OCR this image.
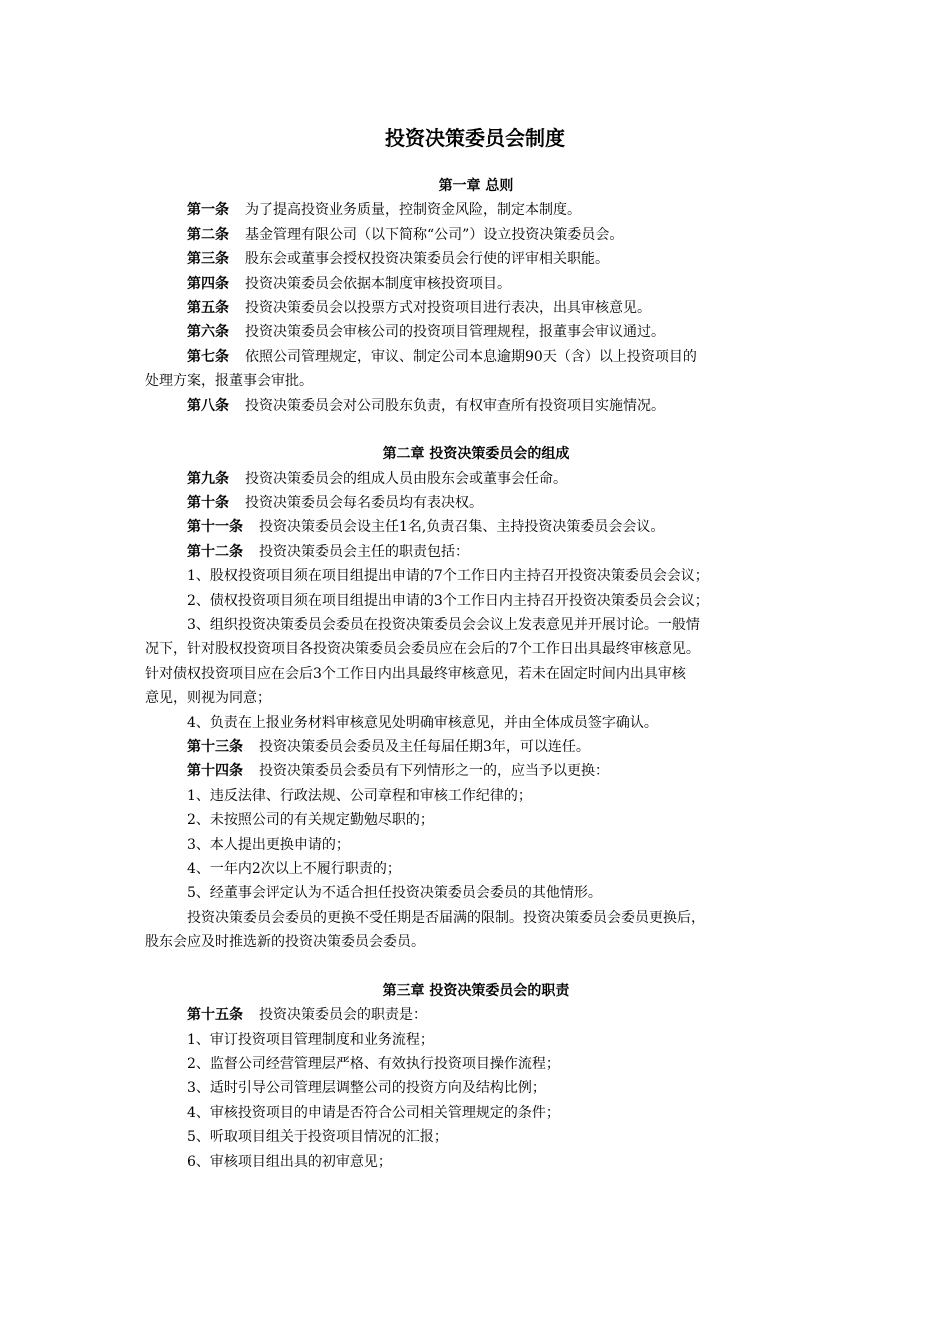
投资决策委员会制度
第一章 总则
第一条 为了提高投资业务质量，控制资金风险，制定本制度。
第二条 基金管理有限公司（以下简称“公司”）设立投资决策委员会。
第三条 股东会或董事会授权投资决策委员会行使的评审相关职能。
第四条 投资决策委员会依据本制度审核投资项目。
第五条 投资决策委员会以投票方式对投资项目进行表决，出具审核意见。
第六条 投资决策委员会审核公司的投资项目管理规程，报董事会审议通过。
第七条 依照公司管理规定，审议、制定公司本息逾期90天（含）以上投资项目的
处理方案，报董事会审批。
第八条 投资决策委员会对公司股东负责，有权审查所有投资项目实施情况。
第二章 投资决策委员会的组成
第九条 投资决策委员会的组成人员由股东会或董事会任命。
第十条 投资决策委员会每名委员均有表决权。
第十一条 投资决策委员会设主任1名,负责召集、主持投资决策委员会会议。
第十二条 投资决策委员会主任的职责包括：
1、股权投资项目须在项目组提出申请的7个工作日内主持召开投资决策委员会会议；
2、债权投资项目须在项目组提出申请的3个工作日内主持召开投资决策委员会会议；
3、组织投资决策委员会委员在投资决策委员会会议上发表意见并开展讨论。一般情
况下，针对股权投资项目各投资决策委员会委员应在会后的7个工作日出具最终审核意见。
针对债权投资项目应在会后3个工作日内出具最终审核意见，若未在固定时间内出具审核
意见，则视为同意；
4、负责在上报业务材料审核意见处明确审核意见，并由全体成员签字确认。
第十三条 投资决策委员会委员及主任每届任期3年，可以连任。
第十四条 投资决策委员会委员有下列情形之一的，应当予以更换：
1、违反法律、行政法规、公司章程和审核工作纪律的；
2、未按照公司的有关规定勤勉尽职的；
3、本人提出更换申请的；
4、一年内2次以上不履行职责的；
5、经董事会评定认为不适合担任投资决策委员会委员的其他情形。
投资决策委员会委员的更换不受任期是否届满的限制。投资决策委员会委员更换后，
股东会应及时推选新的投资决策委员会委员。
第三章 投资决策委员会的职责
第十五条 投资决策委员会的职责是：
1、审订投资项目管理制度和业务流程；
2、监督公司经营管理层严格、有效执行投资项目操作流程；
3、适时引导公司管理层调整公司的投资方向及结构比例；
4、审核投资项目的申请是否符合公司相关管理规定的条件；
5、听取项目组关于投资项目情况的汇报；
6、审核项目组出具的初审意见；
